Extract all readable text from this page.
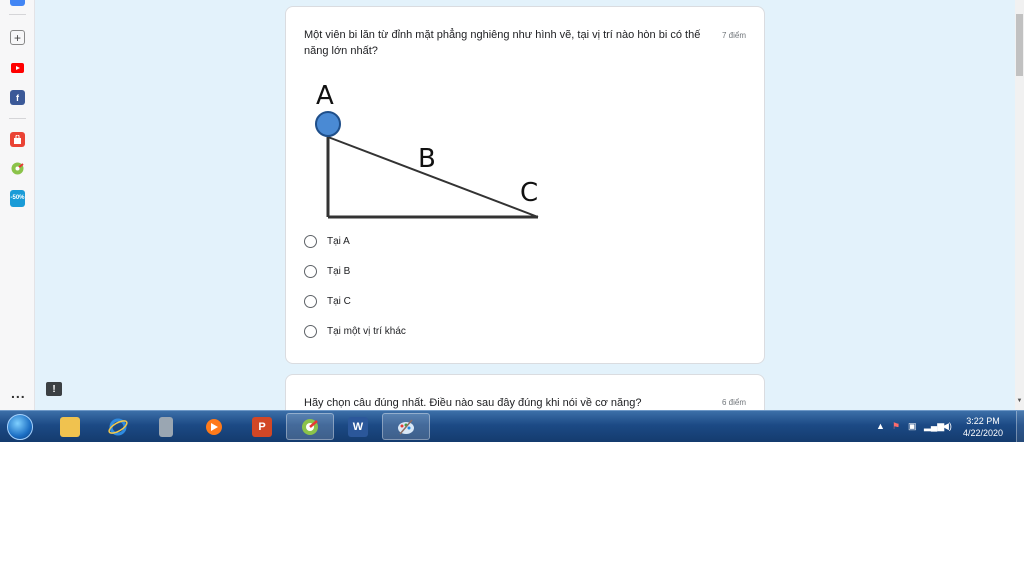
+
f
-50%
...
Một viên bi lăn từ đỉnh mặt phẳng nghiêng như hình vẽ, tại vị trí nào hòn bi có thế năng lớn nhất?
7 điểm
A
B
C
Tại A
Tại B
Tại C
Tại một vị trí khác
Hãy chọn câu đúng nhất. Điều nào sau đây đúng khi nói về cơ năng?	6 điểm
!
▼
P	W	▲ ⚑ ▣ ▂▄▆
◀)	3:22 PM
4/22/2020
